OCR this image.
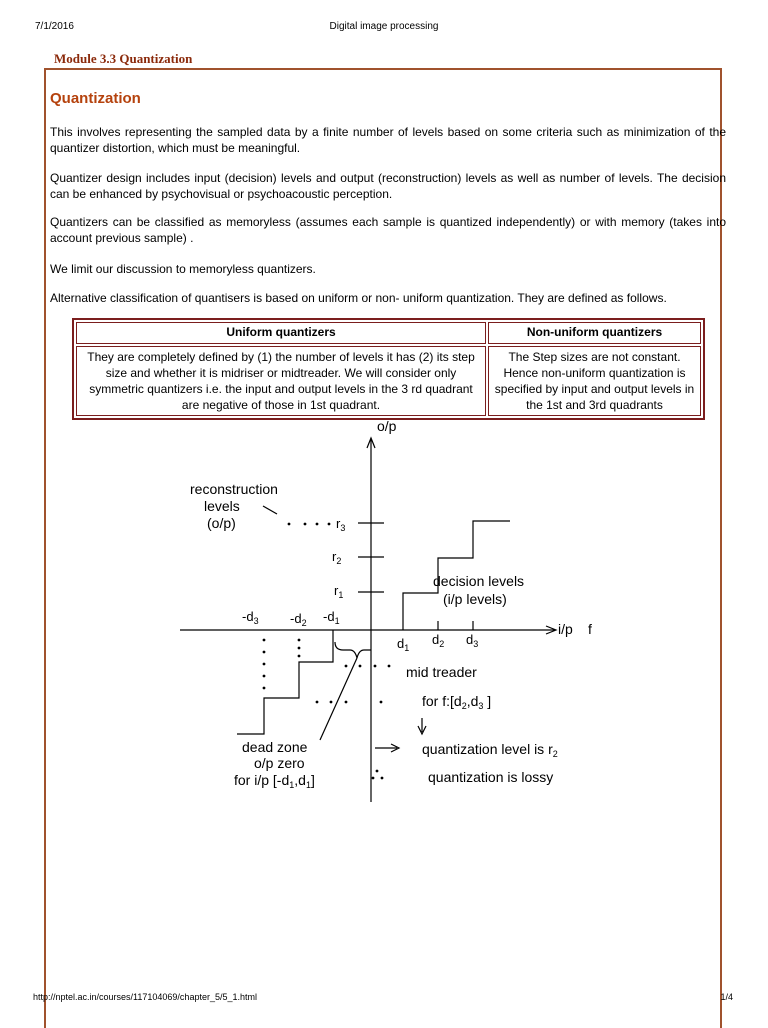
7/1/2016	Digital image processing
Module 3.3 Quantization
Quantization

This involves representing the sampled data by a finite number of levels based on some criteria such as minimization of the quantizer distortion, which must be meaningful.

Quantizer design includes input (decision) levels and output (reconstruction) levels as well as number of levels. The decision can be enhanced by psychovisual or psychoacoustic perception.

Quantizers can be classified as memoryless (assumes each sample is quantized independently) or with memory (takes into account previous sample) .

We limit our discussion to memoryless quantizers.

Alternative classification of quantisers is based on uniform or non- uniform quantization. They are defined as follows.

Uniform quantizers	Non-uniform quantizers
They are completely defined by (1) the number of levels it has (2) its step size and whether it is midriser or midtreader. We will consider only symmetric quantizers i.e. the input and output levels in the 3 rd quadrant are negative of those in 1st quadrant.	The Step sizes are not constant. Hence non-uniform quantization is specified by input and output levels in the 1st and 3rd quadrants
o/p
i/p f
reconstruction
levels
(o/p)	$r_3$
$r_2$
$r_1$
decision levels
(i/p levels)
$d_1$
$d_2$ $d_3$
$-d_3$ $-d_2$ $-d_1$
mid treader
for $f:[d_2,d_3$ ]
dead zone
o/p zero
for i/p $[-d_1,d_1]$
quantization level is $r_2$
quantization is lossy
http://nptel.ac.in/courses/117104069/chapter_5/5_1.html	1/4
